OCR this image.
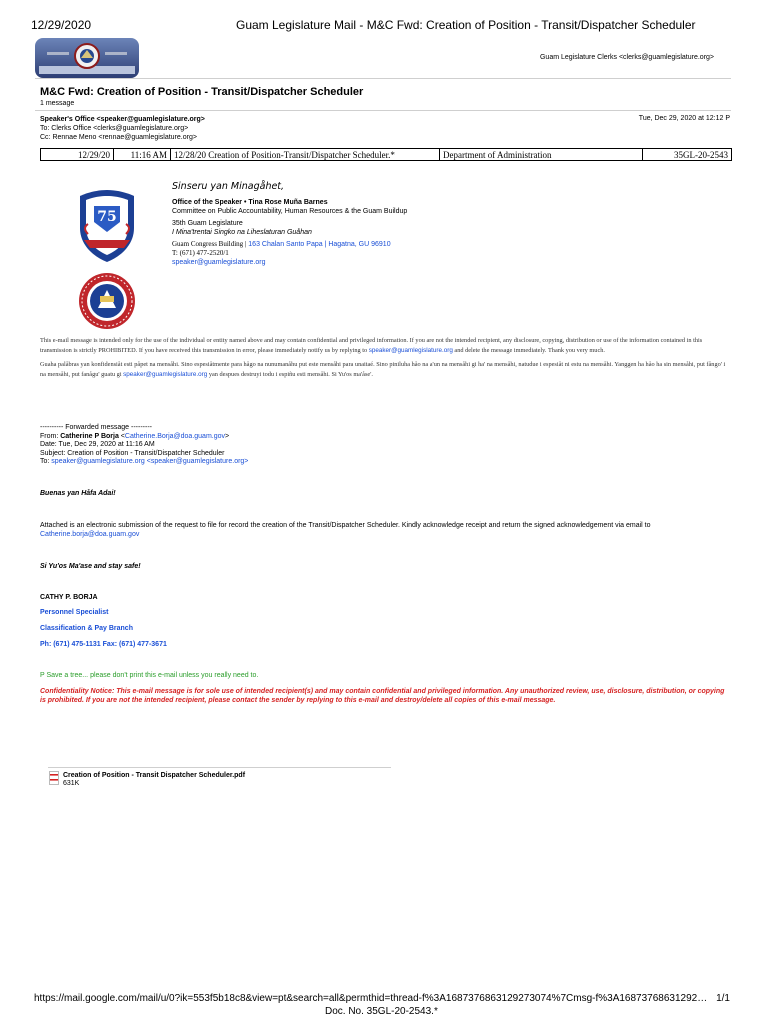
12/29/2020	Guam Legislature Mail - M&C Fwd: Creation of Position - Transit/Dispatcher Scheduler
Guam Legislature Clerks <clerks@guamlegislature.org>
M&C Fwd: Creation of Position - Transit/Dispatcher Scheduler
1 message
Speaker's Office <speaker@guamlegislature.org>
To: Clerks Office <clerks@guamlegislature.org>
Cc: Rennae Meno <rennae@guamlegislature.org>
Tue, Dec 29, 2020 at 12:12 P
12/29/20	11:16 AM	12/28/20 Creation of Position-Transit/Dispatcher Scheduler.*	Department of Administration	35GL-20-2543
75
Sinseru yan Minagåhet,
Office of the Speaker • Tina Rose Muña Barnes
Committee on Public Accountability, Human Resources & the Guam Buildup
35th Guam Legislature
I Mina'trentai Singko na Liheslaturan Guåhan
Guam Congress Building | 163 Chalan Santo Papa | Hagatna, GU 96910
T: (671) 477-2520/1
speaker@guamlegislature.org
This e-mail message is intended only for the use of the individual or entity named above and may contain confidential and privileged information. If you are not the intended recipient, any disclosure, copying, distribution or use of the information contained in this transmission is strictly PROHIBITED. If you have received this transmission in error, please immediately notify us by replying to speaker@guamlegislature.org and delete the message immediately. Thank you very much.
Guaha palåbras yan konfidensiåt esti påpet na mensåhi. Sino espesiåtmente para hågo na nunumanåhu put este mensåhi para unaitaé. Sino piniluha håo na a'un na mensåhi gi ha' na mensåhi, natudue i espesiåt ni estu na mensåhi. Yanggen ha håo ha sin mensåhi, put fångo' i na mensåhi, put fanågu' guatu gi speaker@guamlegislature.org yan despues destruyi todu i espiñu esti mensåhi. Si Yu'os ma'åse'.
---------- Forwarded message ---------
From: Catherine P Borja <Catherine.Borja@doa.guam.gov>
Date: Tue, Dec 29, 2020 at 11:16 AM
Subject: Creation of Position - Transit/Dispatcher Scheduler
To: speaker@guamlegislature.org <speaker@guamlegislature.org>
Buenas yan Håfa Adai!
Attached is an electronic submission of the request to file for record the creation of the Transit/Dispatcher Scheduler. Kindly acknowledge receipt and return the signed acknowledgement via email to
Catherine.borja@doa.guam.gov
Si Yu'os Ma'ase and stay safe!
CATHY P. BORJA
Personnel Specialist
Classification & Pay Branch
Ph: (671) 475-1131 Fax: (671) 477-3671
P Save a tree... please don't print this e-mail unless you really need to.
Confidentiality Notice: This e-mail message is for sole use of intended recipient(s) and may contain confidential and privileged information. Any unauthorized review, use, disclosure, distribution, or copying is prohibited. If you are not the intended recipient, please contact the sender by replying to this e-mail and destroy/delete all copies of this e-mail message.
Creation of Position - Transit Dispatcher Scheduler.pdf
631K
https://mail.google.com/mail/u/0?ik=553f5b18c8&view=pt&search=all&permthid=thread-f%3A1687376863129273074%7Cmsg-f%3A16873768631292… 1/1
Doc. No. 35GL-20-2543.*
